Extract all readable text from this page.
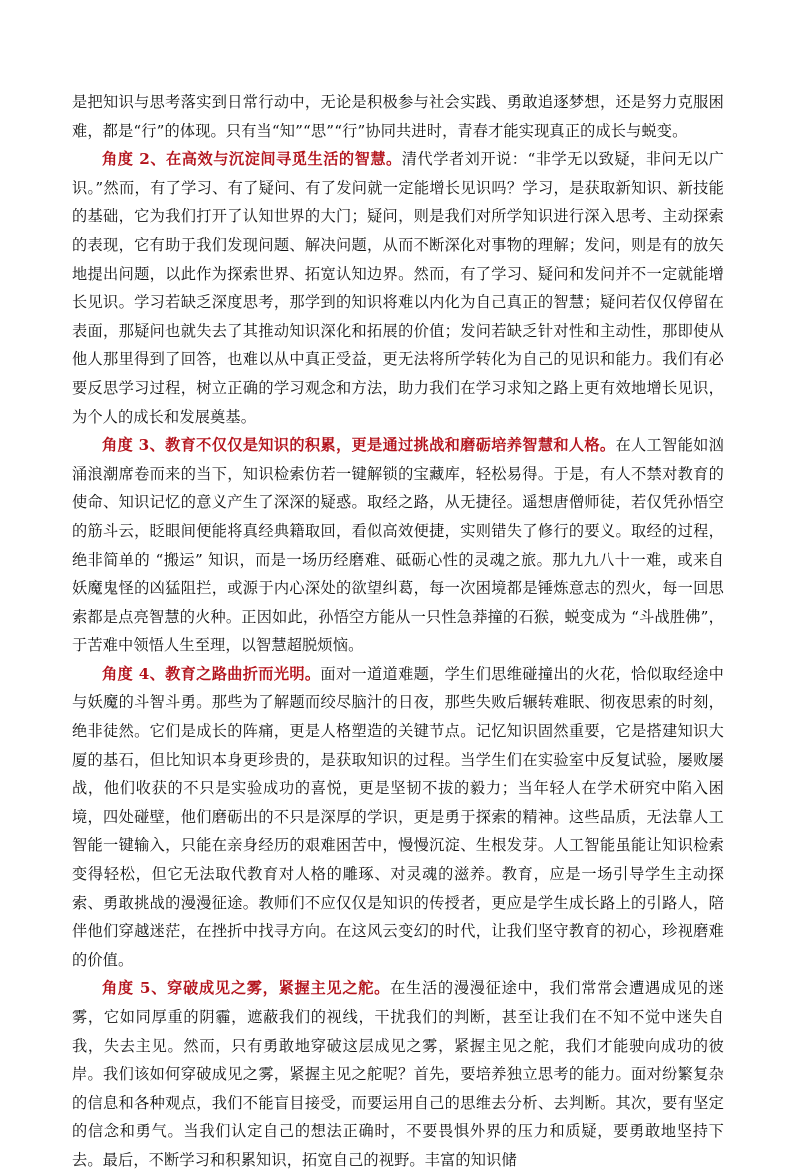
是把知识与思考落实到日常行动中，无论是积极参与社会实践、勇敢追逐梦想，还是努力克服困难，都是“行”的体现。只有当“知”“思”“行”协同共进时，青春才能实现真正的成长与蜕变。

角度 2、在高效与沉淀间寻觅生活的智慧。清代学者刘开说：“非学无以致疑，非问无以广识。”然而，有了学习、有了疑问、有了发问就一定能增长见识吗？学习，是获取新知识、新技能的基础，它为我们打开了认知世界的大门；疑问，则是我们对所学知识进行深入思考、主动探索的表现，它有助于我们发现问题、解决问题，从而不断深化对事物的理解；发问，则是有的放矢地提出问题，以此作为探索世界、拓宽认知边界。然而，有了学习、疑问和发问并不一定就能增长见识。学习若缺乏深度思考，那学到的知识将难以内化为自己真正的智慧；疑问若仅仅停留在表面，那疑问也就失去了其推动知识深化和拓展的价值；发问若缺乏针对性和主动性，那即使从他人那里得到了回答，也难以从中真正受益，更无法将所学转化为自己的见识和能力。我们有必要反思学习过程，树立正确的学习观念和方法，助力我们在学习求知之路上更有效地增长见识，为个人的成长和发展奠基。

角度 3、教育不仅仅是知识的积累，更是通过挑战和磨砺培养智慧和人格。在人工智能如汹涌浪潮席卷而来的当下，知识检索仿若一键解锁的宝藏库，轻松易得。于是，有人不禁对教育的使命、知识记忆的意义产生了深深的疑惑。取经之路，从无捷径。遥想唐僧师徒，若仅凭孙悟空的筋斗云，眨眼间便能将真经典籍取回，看似高效便捷，实则错失了修行的要义。取经的过程，绝非简单的 “搬运” 知识，而是一场历经磨难、砥砺心性的灵魂之旅。那九九八十一难，或来自妖魔鬼怪的凶猛阻拦，或源于内心深处的欲望纠葛，每一次困境都是锤炼意志的烈火，每一回思索都是点亮智慧的火种。正因如此，孙悟空方能从一只性急莽撞的石猴，蜕变成为 “斗战胜佛”，于苦难中领悟人生至理，以智慧超脱烦恼。

角度 4、教育之路曲折而光明。面对一道道难题，学生们思维碰撞出的火花，恰似取经途中与妖魔的斗智斗勇。那些为了解题而绞尽脑汁的日夜，那些失败后辗转难眠、彻夜思索的时刻，绝非徒然。它们是成长的阵痛，更是人格塑造的关键节点。记忆知识固然重要，它是搭建知识大厦的基石，但比知识本身更珍贵的，是获取知识的过程。当学生们在实验室中反复试验，屡败屡战，他们收获的不只是实验成功的喜悦，更是坚韧不拔的毅力；当年轻人在学术研究中陷入困境，四处碰壁，他们磨砺出的不只是深厚的学识，更是勇于探索的精神。这些品质，无法靠人工智能一键输入，只能在亲身经历的艰难困苦中，慢慢沉淀、生根发芽。人工智能虽能让知识检索变得轻松，但它无法取代教育对人格的雕琢、对灵魂的滋养。教育，应是一场引导学生主动探索、勇敢挑战的漫漫征途。教师们不应仅仅是知识的传授者，更应是学生成长路上的引路人，陪伴他们穿越迷茫，在挫折中找寻方向。在这风云变幻的时代，让我们坚守教育的初心，珍视磨难的价值。

角度 5、穿破成见之雾，紧握主见之舵。在生活的漫漫征途中，我们常常会遭遇成见的迷雾，它如同厚重的阴霾，遮蔽我们的视线，干扰我们的判断，甚至让我们在不知不觉中迷失自我，失去主见。然而，只有勇敢地穿破这层成见之雾，紧握主见之舵，我们才能驶向成功的彼岸。我们该如何穿破成见之雾，紧握主见之舵呢？首先，要培养独立思考的能力。面对纷繁复杂的信息和各种观点，我们不能盲目接受，而要运用自己的思维去分析、去判断。其次，要有坚定的信念和勇气。当我们认定自己的想法正确时，不要畏惧外界的压力和质疑，要勇敢地坚持下去。最后，不断学习和积累知识，拓宽自己的视野。丰富的知识储
